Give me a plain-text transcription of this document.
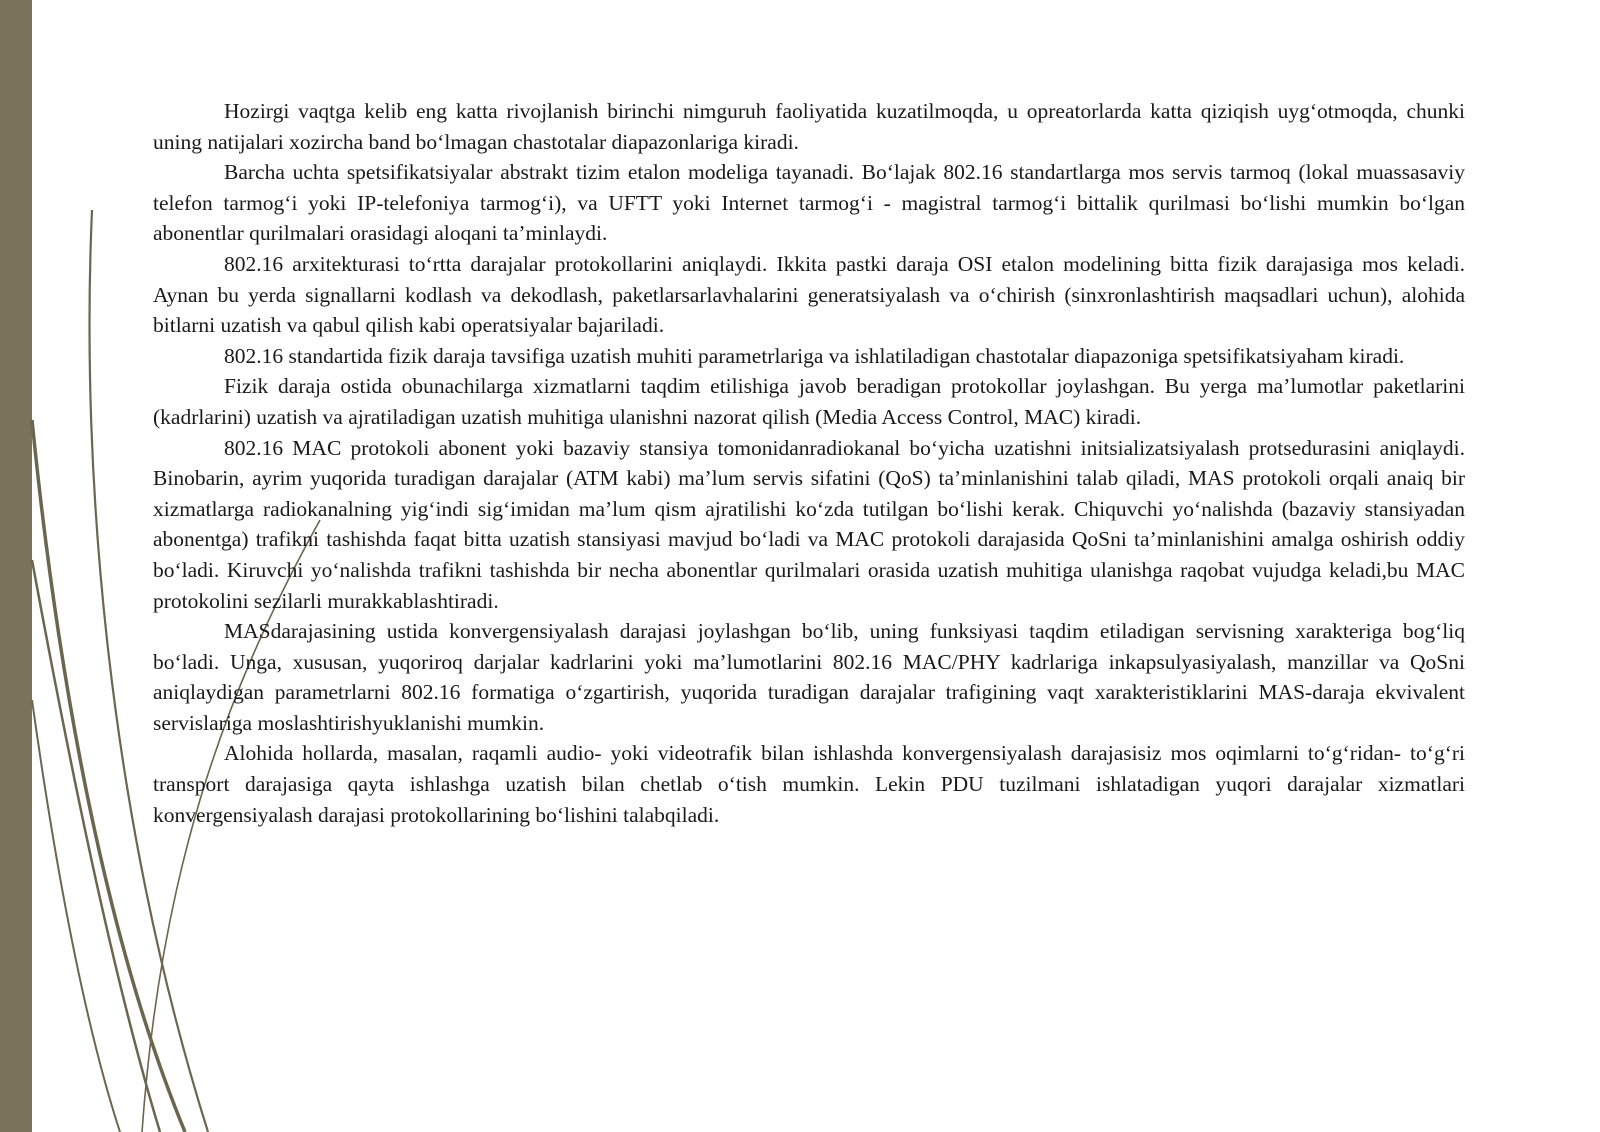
Hozirgi vaqtga kelib eng katta rivojlanish birinchi nimguruh faoliyatida kuzatilmoqda, u opreatorlarda katta qiziqish uyg‘otmoqda, chunki uning natijalari xozircha band bo‘lmagan chastotalar diapazonlariga kiradi.

Barcha uchta spetsifikatsiyalar abstrakt tizim etalon modeliga tayanadi. Bo‘lajak 802.16 standartlarga mos servis tarmoq (lokal muassasaviy telefon tarmog‘i yoki IP-telefoniya tarmog‘i), va UFTT yoki Internet tarmog‘i - magistral tarmog‘i bittalik qurilmasi bo‘lishi mumkin bo‘lgan abonentlar qurilmalari orasidagi aloqani ta’minlaydi.

802.16 arxitekturasi to‘rtta darajalar protokollarini aniqlaydi. Ikkita pastki daraja OSI etalon modelining bitta fizik darajasiga mos keladi. Aynan bu yerda signallarni kodlash va dekodlash, paketlarsarlavhalarini generatsiyalash va o‘chirish (sinxronlashtirish maqsadlari uchun), alohida bitlarni uzatish va qabul qilish kabi operatsiyalar bajariladi.

802.16 standartida fizik daraja tavsifiga uzatish muhiti parametrlariga va ishlatiladigan chastotalar diapazoniga spetsifikatsiyaham kiradi.

Fizik daraja ostida obunachilarga xizmatlarni taqdim etilishiga javob beradigan protokollar joylashgan. Bu yerga ma’lumotlar paketlarini (kadrlarini) uzatish va ajratiladigan uzatish muhitiga ulanishni nazorat qilish (Media Access Control, MAC) kiradi.

802.16 MAC protokoli abonent yoki bazaviy stansiya tomonidanradiokanal bo‘yicha uzatishni initsializatsiyalash protsedurasini aniqlaydi. Binobarin, ayrim yuqorida turadigan darajalar (ATM kabi) ma’lum servis sifatini (QoS) ta’minlanishini talab qiladi, MAS protokoli orqali anaiq bir xizmatlarga radiokanalning yig‘indi sig‘imidan ma’lum qism ajratilishi ko‘zda tutilgan bo‘lishi kerak. Chiquvchi yo‘nalishda (bazaviy stansiyadan abonentga) trafikni tashishda faqat bitta uzatish stansiyasi mavjud bo‘ladi va MAC protokoli darajasida QoSni ta’minlanishini amalga oshirish oddiy bo‘ladi. Kiruvchi yo‘nalishda trafikni tashishda bir necha abonentlar qurilmalari orasida uzatish muhitiga ulanishga raqobat vujudga keladi,bu MAC protokolini sezilarli murakkablashtiradi.

MASdarajasining ustida konvergensiyalash darajasi joylashgan bo‘lib, uning funksiyasi taqdim etiladigan servisning xarakteriga bog‘liq bo‘ladi. Unga, xususan, yuqoriroq darjalar kadrlarini yoki ma’lumotlarini 802.16 MAC/PHY kadrlariga inkapsulyasiyalash, manzillar va QoSni aniqlaydigan parametrlarni 802.16 formatiga o‘zgartirish, yuqorida turadigan darajalar trafigining vaqt xarakteristiklarini MAS-daraja ekvivalent servislariga moslashtirishyuklanishi mumkin.

Alohida hollarda, masalan, raqamli audio- yoki videotrafik bilan ishlashda konvergensiyalash darajasisiz mos oqimlarni to‘g‘ridan- to‘g‘ri transport darajasiga qayta ishlashga uzatish bilan chetlab o‘tish mumkin. Lekin PDU tuzilmani ishlatadigan yuqori darajalar xizmatlari konvergensiyalash darajasi protokollarining bo‘lishini talabqiladi.
